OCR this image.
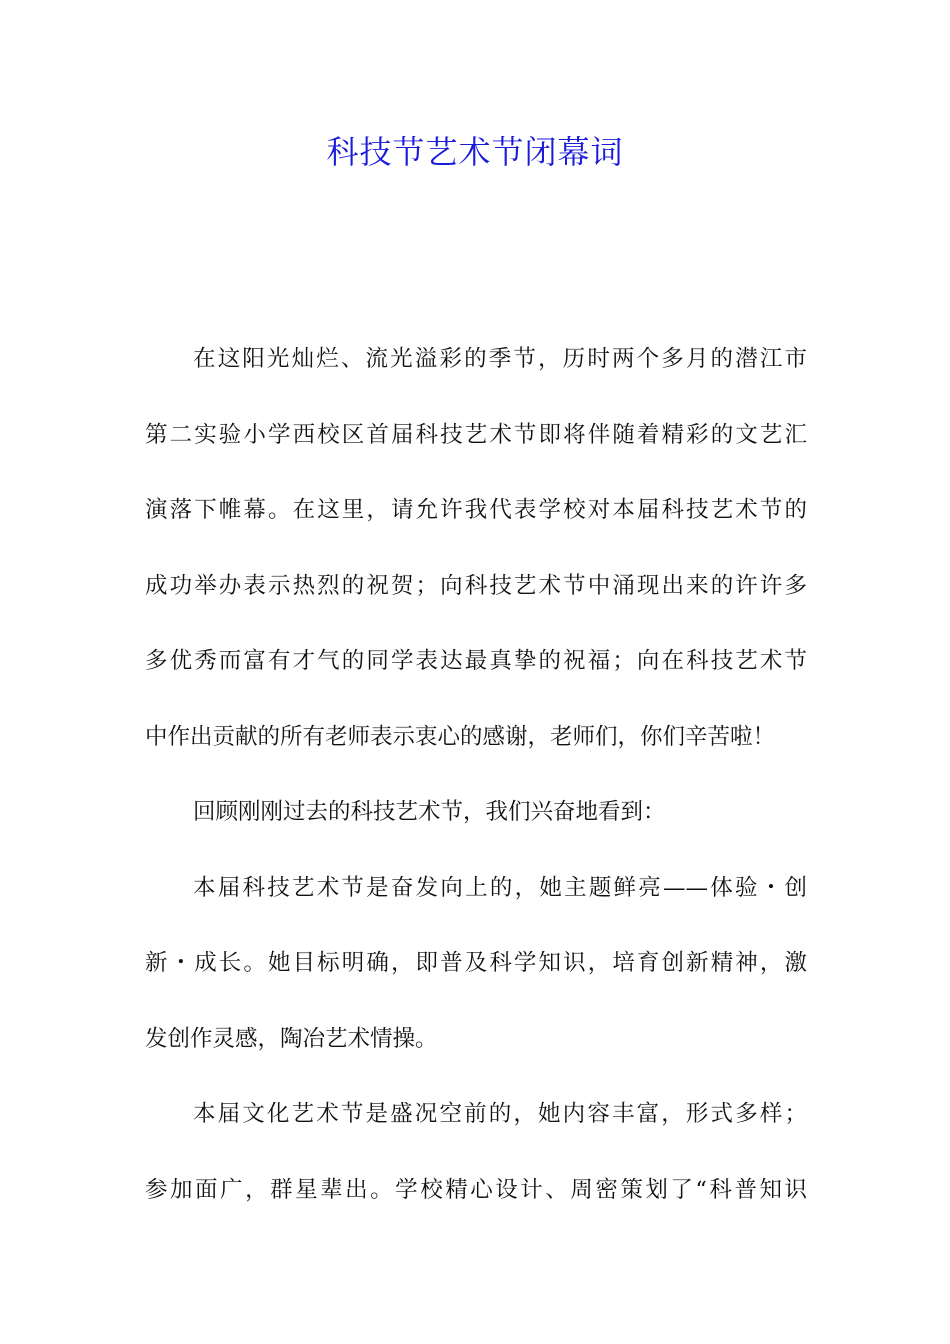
科技节艺术节闭幕词
在这阳光灿烂、流光溢彩的季节，历时两个多月的潜江市
第二实验小学西校区首届科技艺术节即将伴随着精彩的文艺汇
演落下帷幕。在这里，请允许我代表学校对本届科技艺术节的
成功举办表示热烈的祝贺；向科技艺术节中涌现出来的许许多
多优秀而富有才气的同学表达最真挚的祝福；向在科技艺术节
中作出贡献的所有老师表示衷心的感谢，老师们，你们辛苦啦！
回顾刚刚过去的科技艺术节，我们兴奋地看到：
本届科技艺术节是奋发向上的，她主题鲜亮——体验・创
新・成长。她目标明确，即普及科学知识，培育创新精神，激
发创作灵感，陶冶艺术情操。
本届文化艺术节是盛况空前的，她内容丰富，形式多样；
参加面广，群星辈出。学校精心设计、周密策划了“科普知识
